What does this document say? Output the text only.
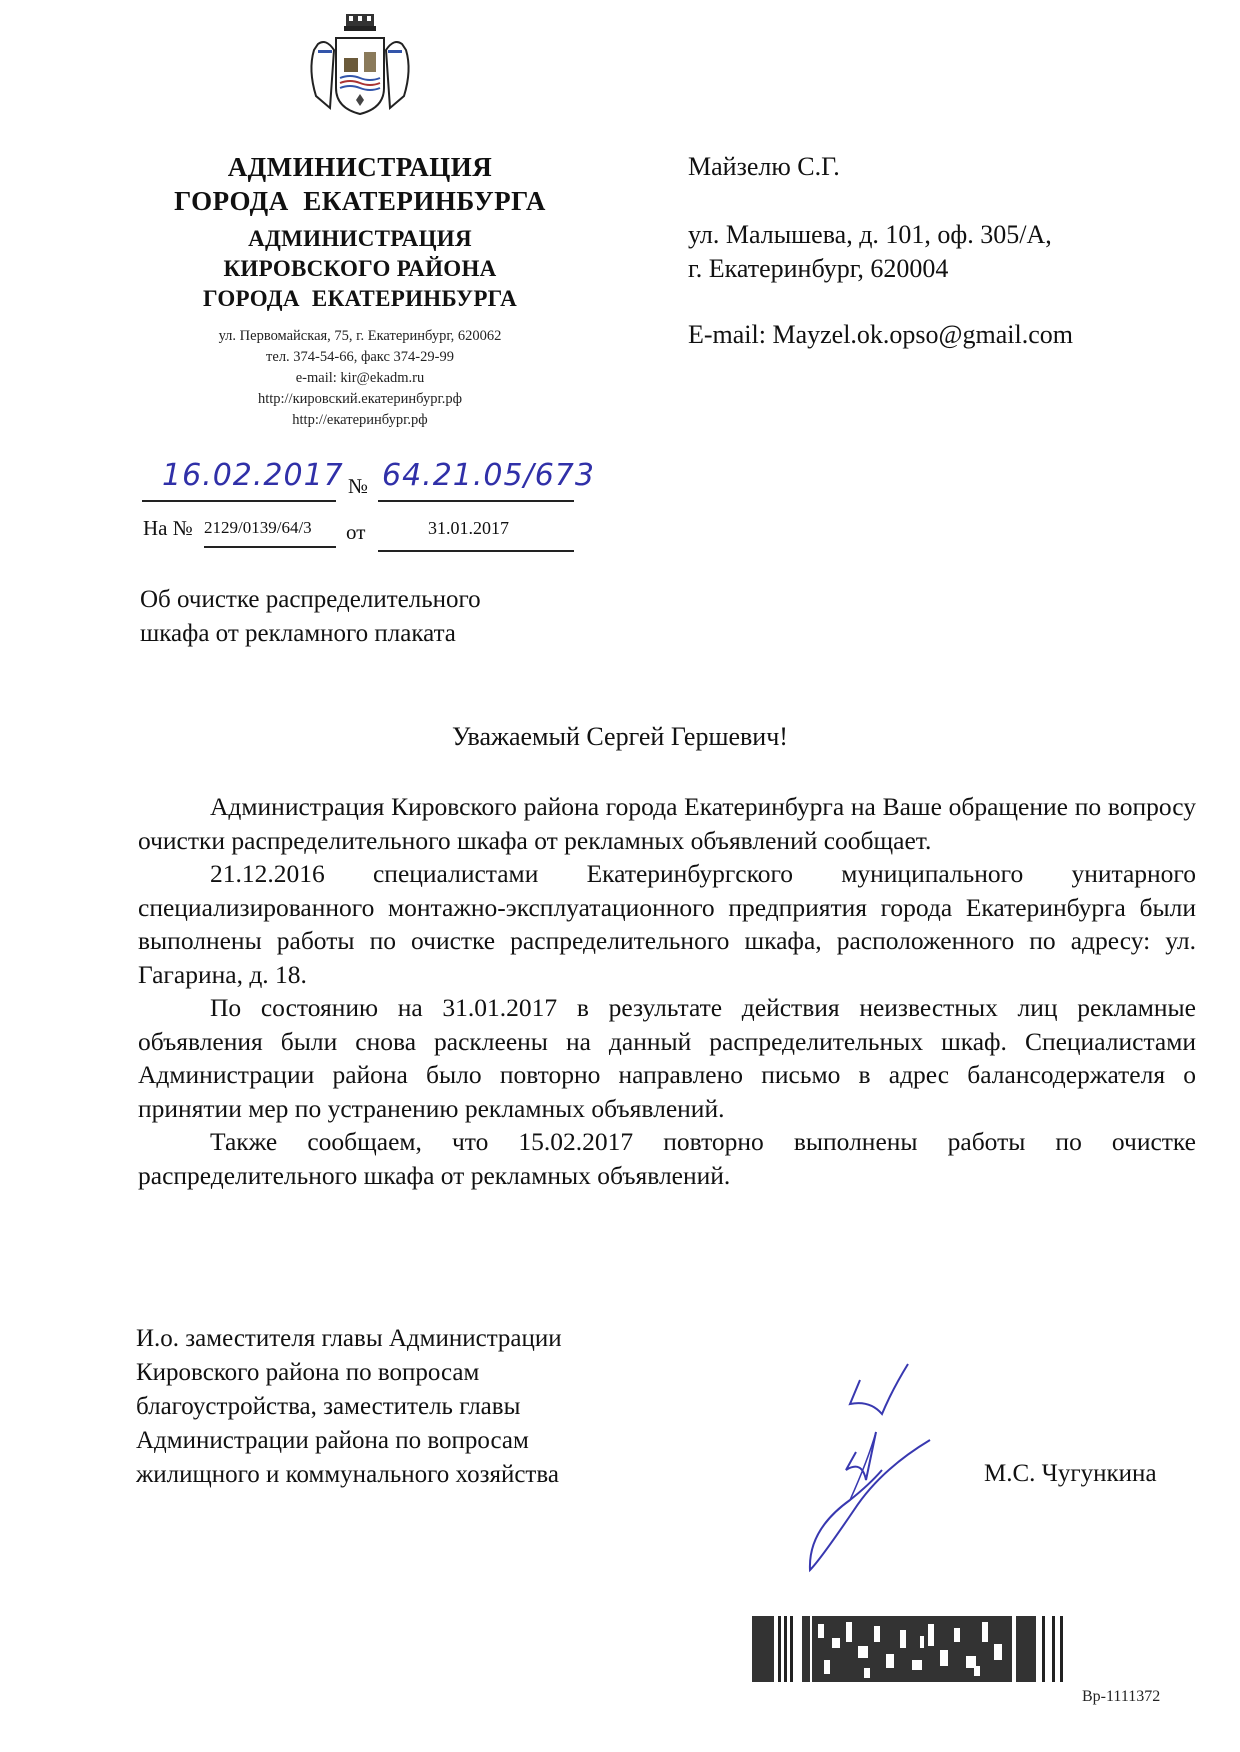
АДМИНИСТРАЦИЯ
ГОРОДА  ЕКАТЕРИНБУРГА
АДМИНИСТРАЦИЯ
КИРОВСКОГО РАЙОНА
ГОРОДА  ЕКАТЕРИНБУРГА
ул. Первомайская, 75, г. Екатеринбург, 620062
тел. 374-54-66, факс 374-29-99
e-mail: kir@ekadm.ru
http://кировский.екатеринбург.рф
http://екатеринбург.рф
16.02.2017 № 64.21.05/673
На № 2129/0139/64/3 от	31.01.2017
Майзелю С.Г.
ул. Малышева, д. 101, оф. 305/А,
г. Екатеринбург, 620004
E-mail: Mayzel.ok.opso@gmail.com
Об очистке распределительного
шкафа от рекламного плаката
Уважаемый Сергей Гершевич!

Администрация Кировского района города Екатеринбурга на Ваше обращение по вопросу очистки распределительного шкафа от рекламных объявлений сообщает.

21.12.2016 специалистами Екатеринбургского муниципального унитарного специализированного монтажно-эксплуатационного предприятия города Екатеринбурга были выполнены работы по очистке распределительного шкафа, расположенного по адресу: ул. Гагарина, д. 18.

По состоянию на 31.01.2017 в результате действия неизвестных лиц рекламные объявления были снова расклеены на данный распределительных шкаф. Специалистами Администрации района было повторно направлено письмо в адрес балансодержателя о принятии мер по устранению рекламных объявлений.

Также сообщаем, что 15.02.2017 повторно выполнены работы по очистке распределительного шкафа от рекламных объявлений.

И.о. заместителя главы Администрации
Кировского района по вопросам
благоустройства, заместитель главы
Администрации района по вопросам
жилищного и коммунального хозяйства	М.С. Чугункина
Вр-1111372
